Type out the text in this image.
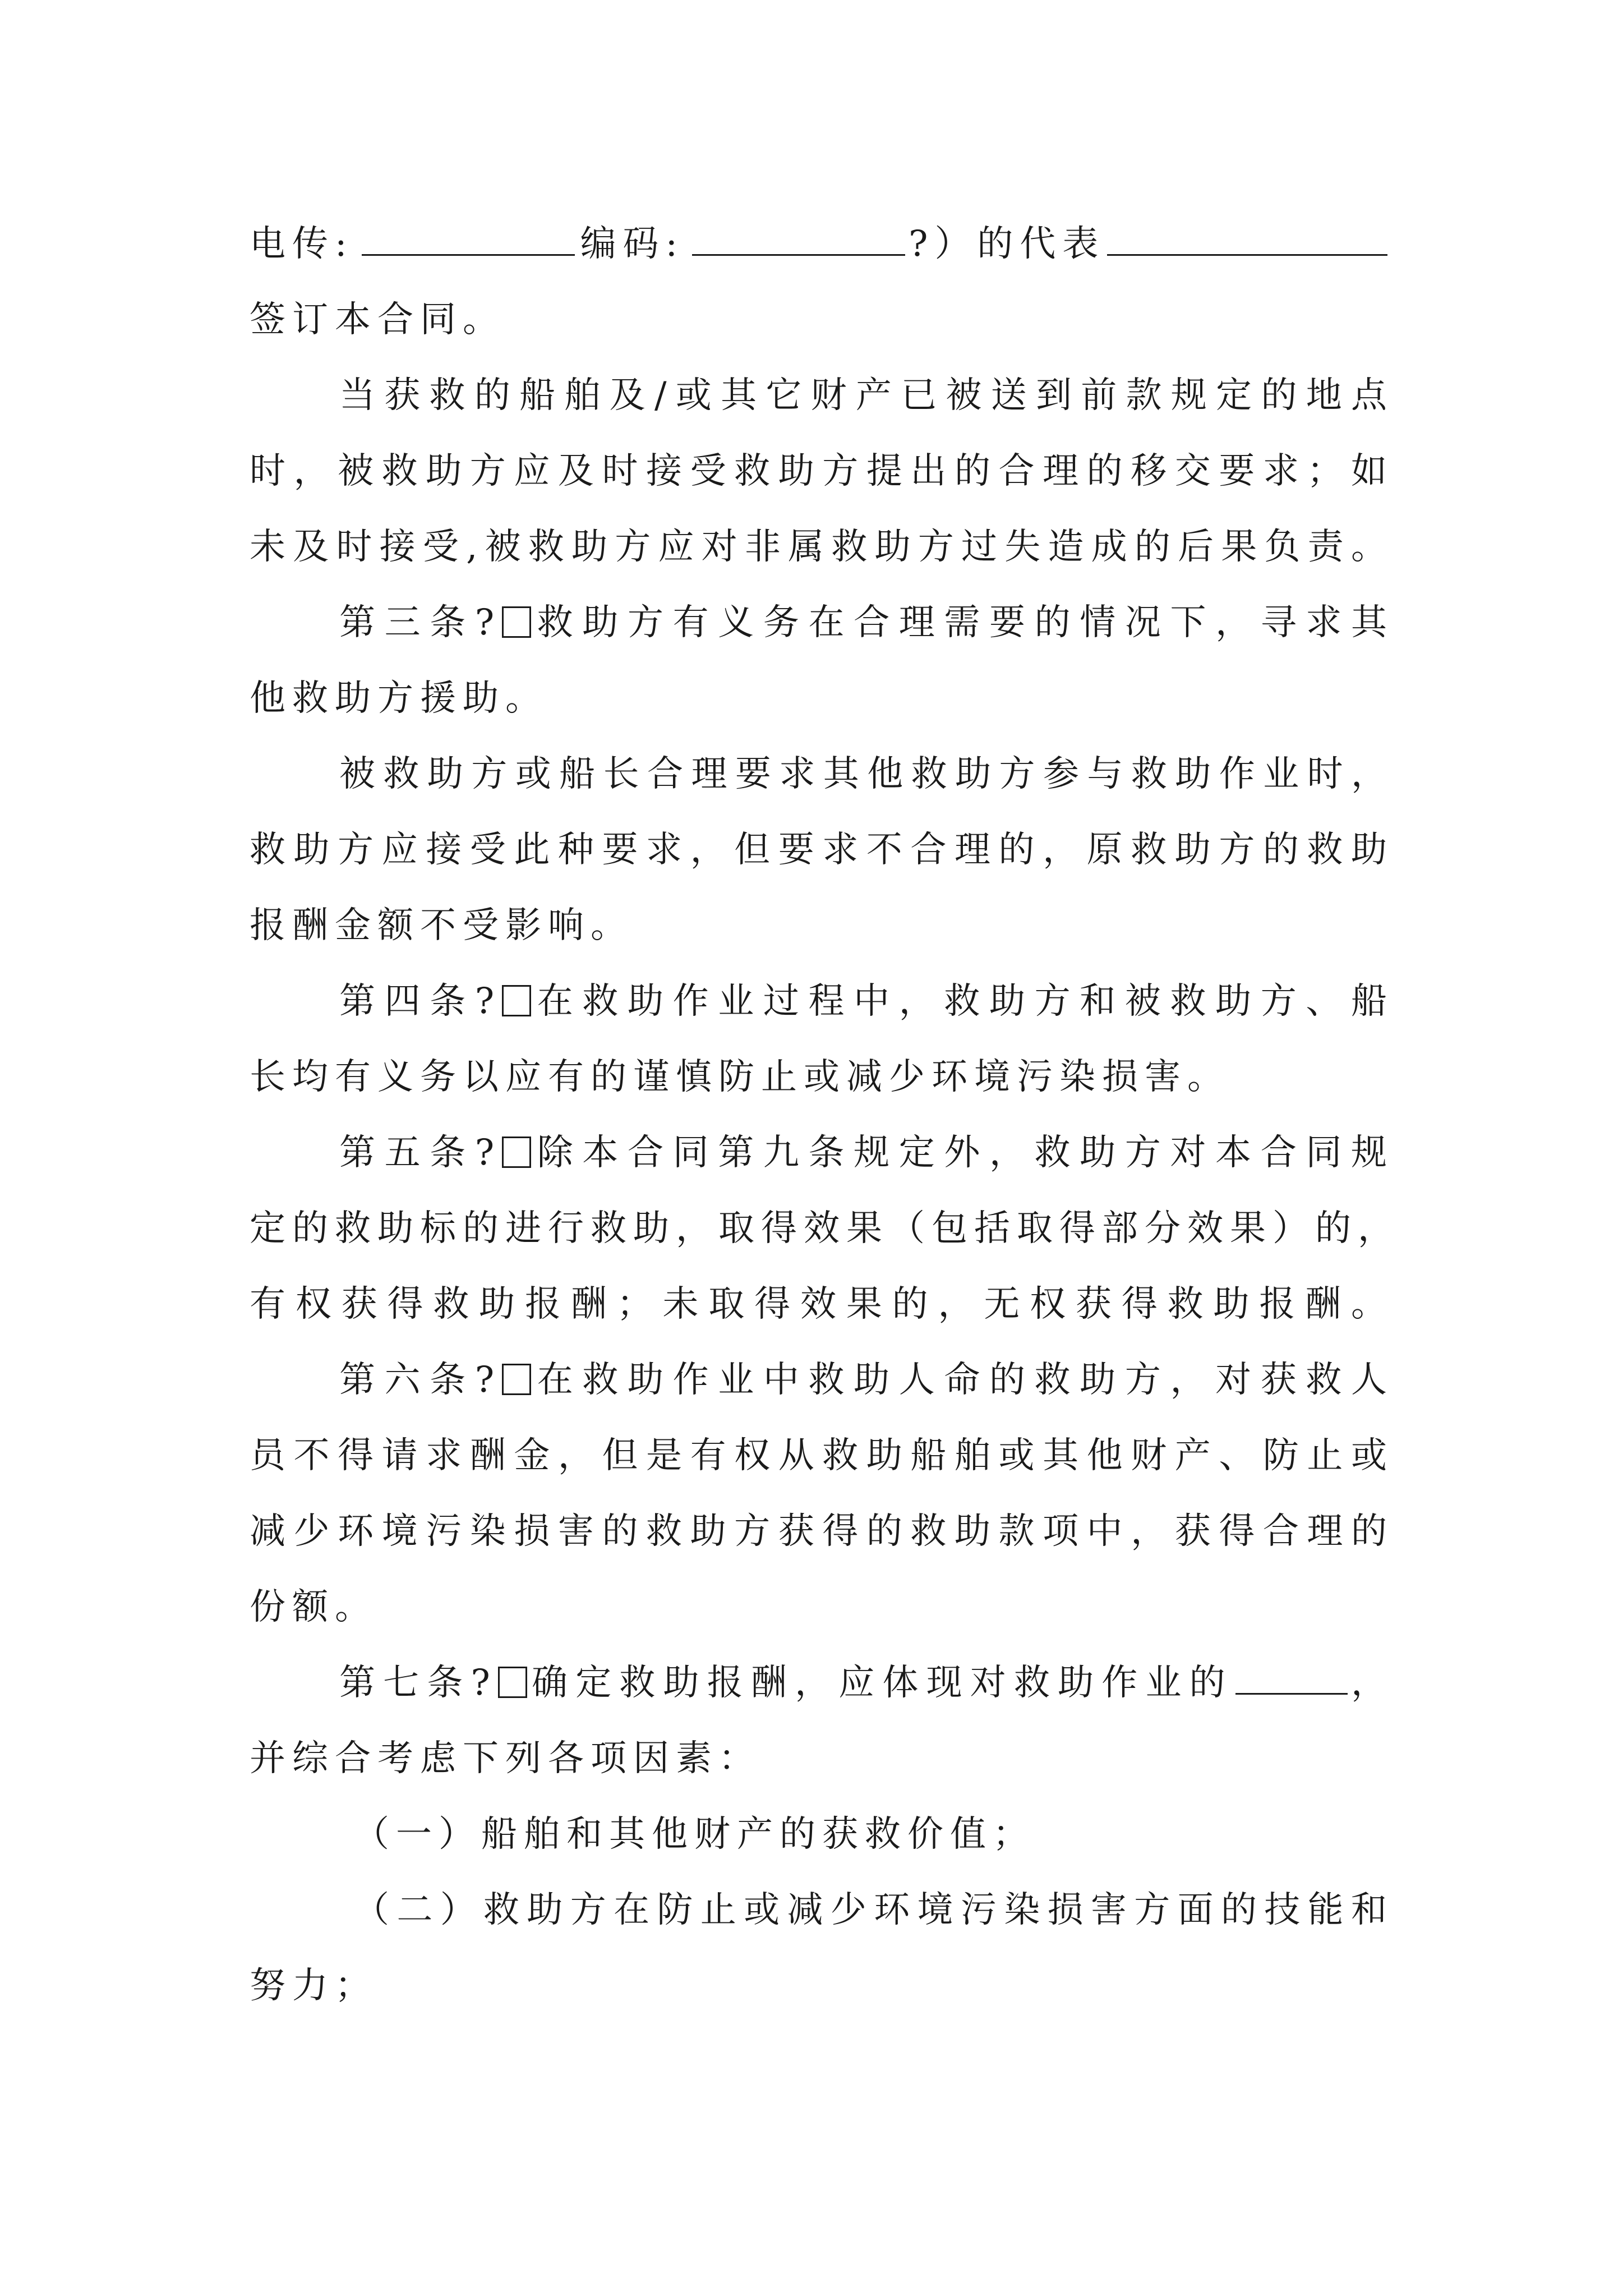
电传:	编码:	?）的代表
签订本合同。
当获救的船舶及/或其它财产已被送到前款规定的地点
时，被救助方应及时接受救助方提出的合理的移交要求；如
未及时接受,被救助方应对非属救助方过失造成的后果负责。
第三条? 救助方有义务在合理需要的情况下，寻求其
他救助方援助。
被救助方或船长合理要求其他救助方参与救助作业时，
救助方应接受此种要求，但要求不合理的，原救助方的救助
报酬金额不受影响。
第四条? 在救助作业过程中，救助方和被救助方、船
长均有义务以应有的谨慎防止或减少环境污染损害。
第五条? 除本合同第九条规定外，救助方对本合同规
定的救助标的进行救助，取得效果（包括取得部分效果）的，
有权获得救助报酬；未取得效果的，无权获得救助报酬。
第六条? 在救助作业中救助人命的救助方，对获救人
员不得请求酬金，但是有权从救助船舶或其他财产、防止或
减少环境污染损害的救助方获得的救助款项中，获得合理的
份额。
第七条? 确定救助报酬，应体现对救助作业的	，
并综合考虑下列各项因素：
（一）船舶和其他财产的获救价值；
（二）救助方在防止或减少环境污染损害方面的技能和
努力；
